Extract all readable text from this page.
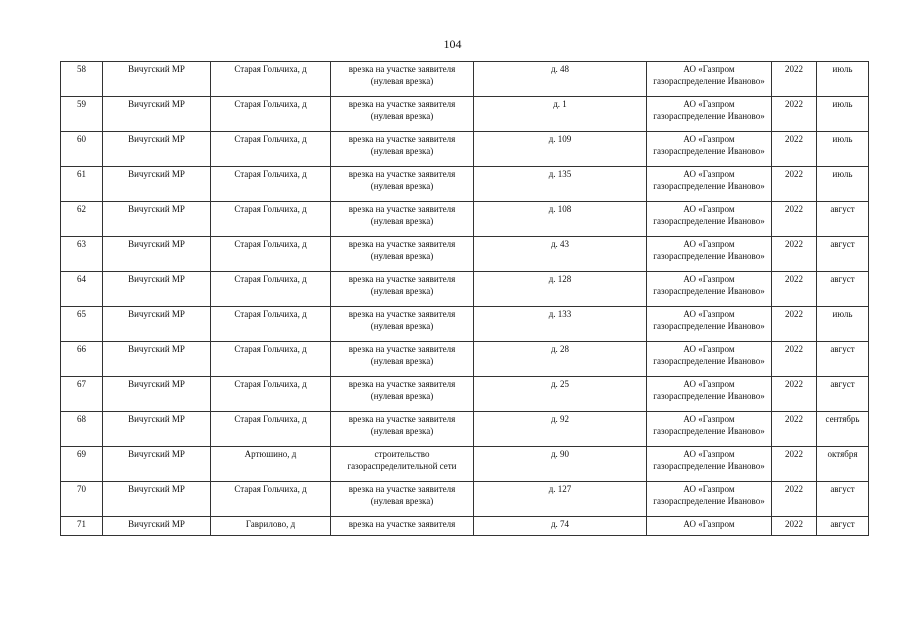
104
58	Вичугский МР	Старая Гольчиха, д	врезка на участке заявителя (нулевая врезка)	д. 48	АО «Газпром газораспределение Иваново»	2022	июль
59	Вичугский МР	Старая Гольчиха, д	врезка на участке заявителя (нулевая врезка)	д. 1	АО «Газпром газораспределение Иваново»	2022	июль
60	Вичугский МР	Старая Гольчиха, д	врезка на участке заявителя (нулевая врезка)	д. 109	АО «Газпром газораспределение Иваново»	2022	июль
61	Вичугский МР	Старая Гольчиха, д	врезка на участке заявителя (нулевая врезка)	д. 135	АО «Газпром газораспределение Иваново»	2022	июль
62	Вичугский МР	Старая Гольчиха, д	врезка на участке заявителя (нулевая врезка)	д. 108	АО «Газпром газораспределение Иваново»	2022	август
63	Вичугский МР	Старая Гольчиха, д	врезка на участке заявителя (нулевая врезка)	д. 43	АО «Газпром газораспределение Иваново»	2022	август
64	Вичугский МР	Старая Гольчиха, д	врезка на участке заявителя (нулевая врезка)	д. 128	АО «Газпром газораспределение Иваново»	2022	август
65	Вичугский МР	Старая Гольчиха, д	врезка на участке заявителя (нулевая врезка)	д. 133	АО «Газпром газораспределение Иваново»	2022	июль
66	Вичугский МР	Старая Гольчиха, д	врезка на участке заявителя (нулевая врезка)	д. 28	АО «Газпром газораспределение Иваново»	2022	август
67	Вичугский МР	Старая Гольчиха, д	врезка на участке заявителя (нулевая врезка)	д. 25	АО «Газпром газораспределение Иваново»	2022	август
68	Вичугский МР	Старая Гольчиха, д	врезка на участке заявителя (нулевая врезка)	д. 92	АО «Газпром газораспределение Иваново»	2022	сентябрь
69	Вичугский МР	Артюшино, д	строительство газораспределительной сети	д. 90	АО «Газпром газораспределение Иваново»	2022	октября
70	Вичугский МР	Старая Гольчиха, д	врезка на участке заявителя (нулевая врезка)	д. 127	АО «Газпром газораспределение Иваново»	2022	август
71	Вичугский МР	Гавриловo, д	врезка на участке заявителя	д. 74	АО «Газпром	2022	август
